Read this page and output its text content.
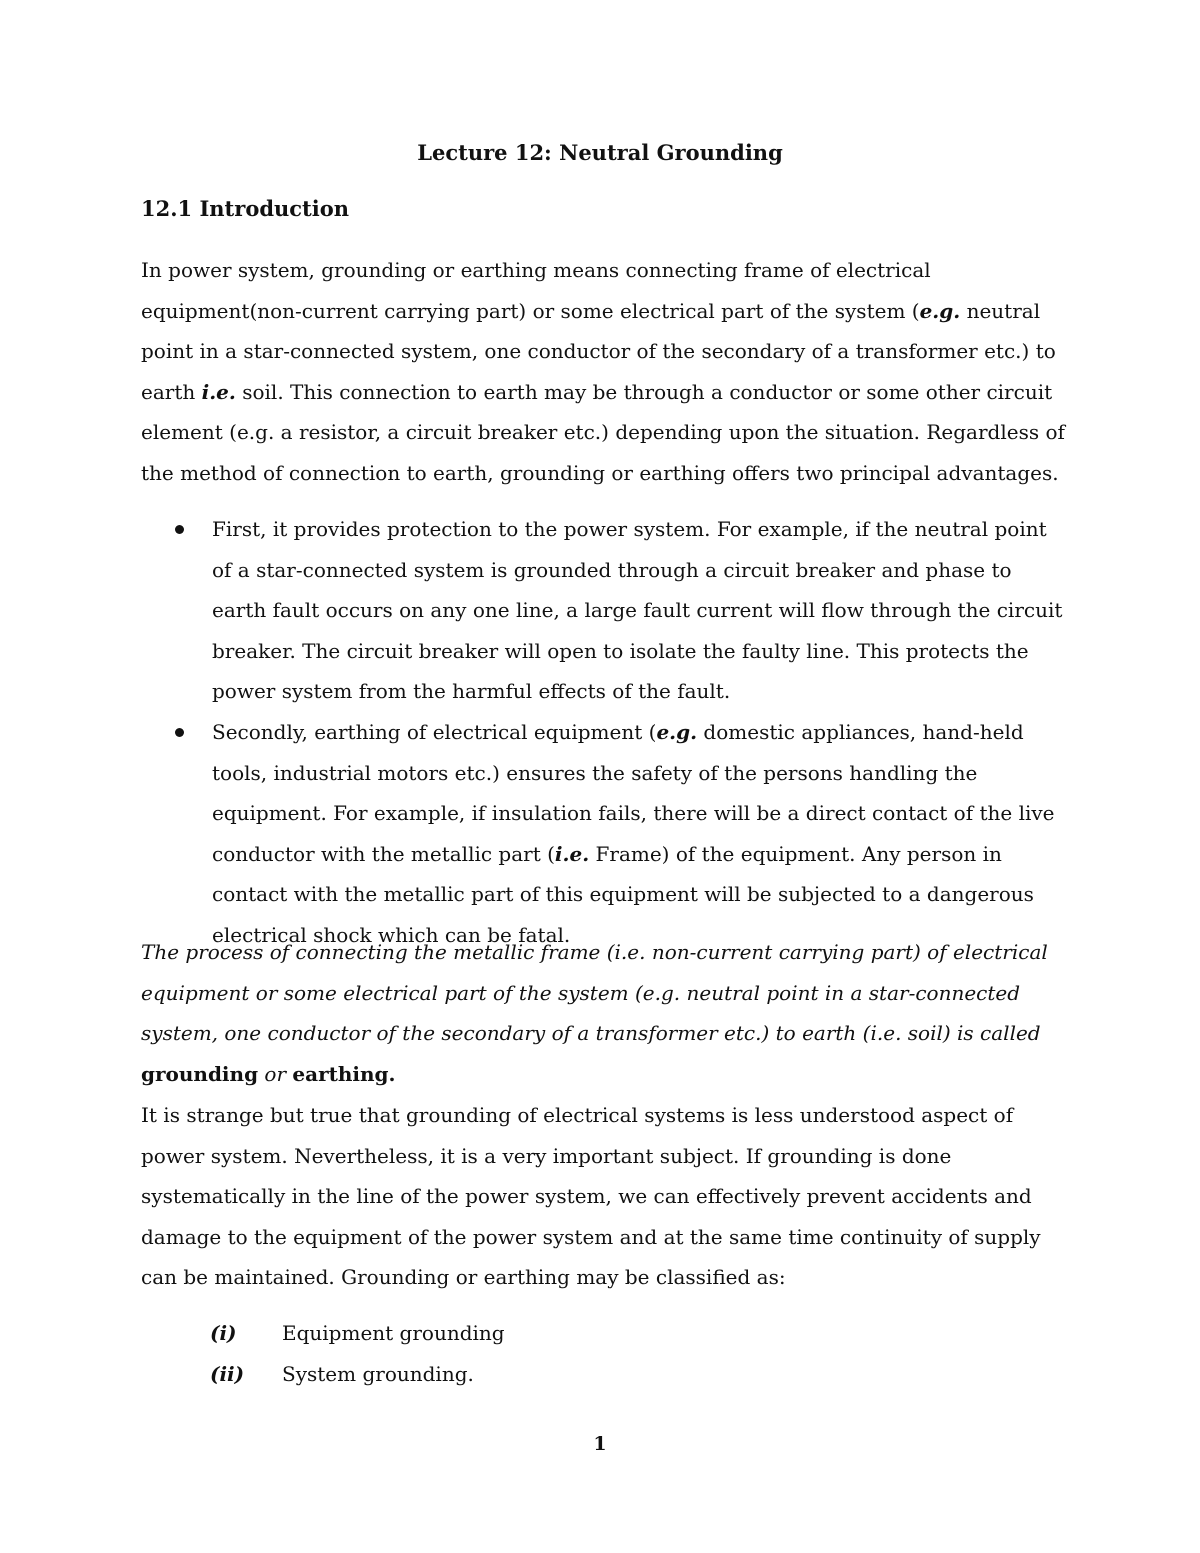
Lecture 12: Neutral Grounding
12.1 Introduction

In power system, grounding or earthing means connecting frame of electrical equipment(non-current carrying part) or some electrical part of the system (e.g. neutral point in a star-connected system, one conductor of the secondary of a transformer etc.) to earth i.e. soil. This connection to earth may be through a conductor or some other circuit element (e.g. a resistor, a circuit breaker etc.) depending upon the situation. Regardless of the method of connection to earth, grounding or earthing offers two principal advantages.

First, it provides protection to the power system. For example, if the neutral point of a star-connected system is grounded through a circuit breaker and phase to earth fault occurs on any one line, a large fault current will flow through the circuit breaker. The circuit breaker will open to isolate the faulty line. This protects the power system from the harmful effects of the fault.
Secondly, earthing of electrical equipment (e.g. domestic appliances, hand-held tools, industrial motors etc.) ensures the safety of the persons handling the equipment. For example, if insulation fails, there will be a direct contact of the live conductor with the metallic part (i.e. Frame) of the equipment. Any person in contact with the metallic part of this equipment will be subjected to a dangerous electrical shock which can be fatal.

The process of connecting the metallic frame (i.e. non-current carrying part) of electrical equipment or some electrical part of the system (e.g. neutral point in a star-connected system, one conductor of the secondary of a transformer etc.) to earth (i.e. soil) is called grounding or earthing.

It is strange but true that grounding of electrical systems is less understood aspect of power system. Nevertheless, it is a very important subject. If grounding is done systematically in the line of the power system, we can effectively prevent accidents and damage to the equipment of the power system and at the same time continuity of supply can be maintained. Grounding or earthing may be classified as:

(i) Equipment grounding
(ii) System grounding.
1
